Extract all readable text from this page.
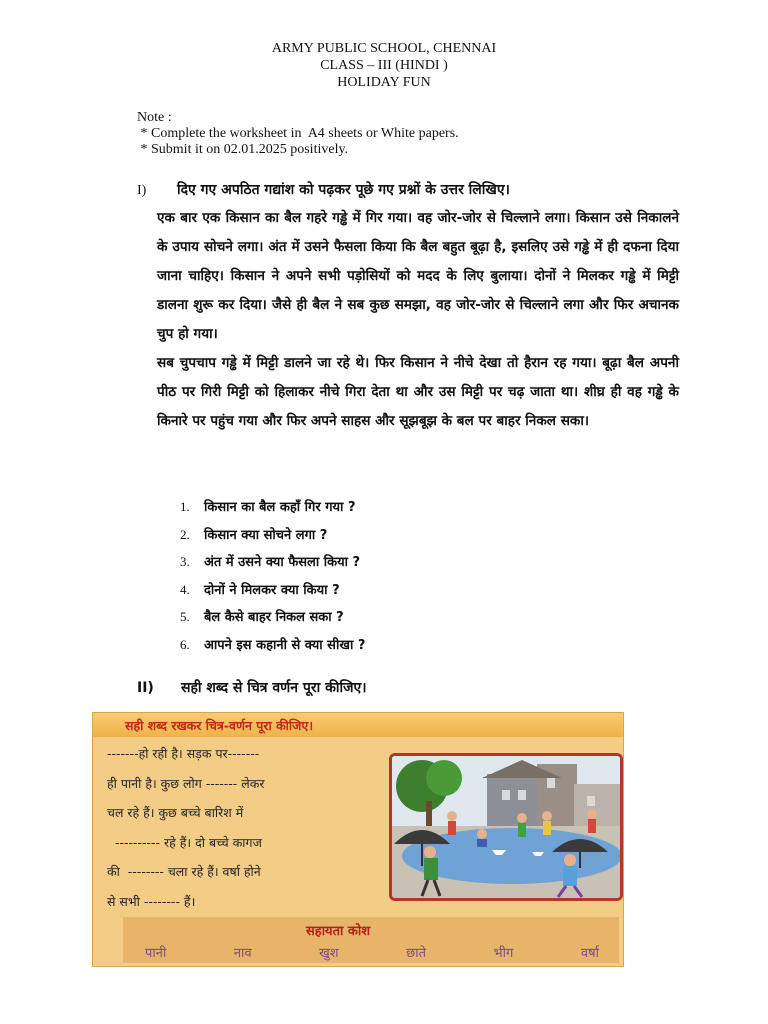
ARMY PUBLIC SCHOOL, CHENNAI
CLASS – III (HINDI )
HOLIDAY FUN
Note :
* Complete the worksheet in  A4 sheets or White papers.
* Submit it on 02.01.2025 positively.
I) दिए गए अपठित गद्यांश को पढ़कर पूछे गए प्रश्नों के उत्तर लिखिए।

एक बार एक किसान का बैल गहरे गड्ढे में गिर गया। वह जोर-जोर से चिल्लाने लगा। किसान उसे निकालने के उपाय सोचने लगा। अंत में उसने फैसला किया कि बैल बहुत बूढ़ा है, इसलिए उसे गड्ढे में ही दफना दिया जाना चाहिए। किसान ने अपने सभी पड़ोसियों को मदद के लिए बुलाया। दोनों ने मिलकर गड्ढे में मिट्टी डालना शुरू कर दिया। जैसे ही बैल ने सब कुछ समझा, वह जोर-जोर से चिल्लाने लगा और फिर अचानक चुप हो गया।

सब चुपचाप गड्ढे में मिट्टी डालने जा रहे थे। फिर किसान ने नीचे देखा तो हैरान रह गया। बूढ़ा बैल अपनी पीठ पर गिरी मिट्टी को हिलाकर नीचे गिरा देता था और उस मिट्टी पर चढ़ जाता था। शीघ्र ही वह गड्ढे के किनारे पर पहुंच गया और फिर अपने साहस और सूझबूझ के बल पर बाहर निकल सका।

1. किसान का बैल कहाँ गिर गया ?
2. किसान क्या सोचने लगा ?
3. अंत में उसने क्या फैसला किया ?
4. दोनों ने मिलकर क्या किया ?
5. बैल कैसे बाहर निकल सका ?
6. आपने इस कहानी से क्या सीखा ?
II) सही शब्द से चित्र वर्णन पूरा कीजिए।
सही शब्द रखकर चित्र-वर्णन पूरा कीजिए।
-------हो रही है। सड़क पर-------
ही पानी है। कुछ लोग ------- लेकर
चल रहे हैं। कुछ बच्चे बारिश में
---------- रहे हैं। दो बच्चे कागज
की  -------- चला रहे हैं। वर्षा होने
से सभी -------- हैं।
सहायता कोश
पानी	नाव	खुश	छाते	भीग	वर्षा
